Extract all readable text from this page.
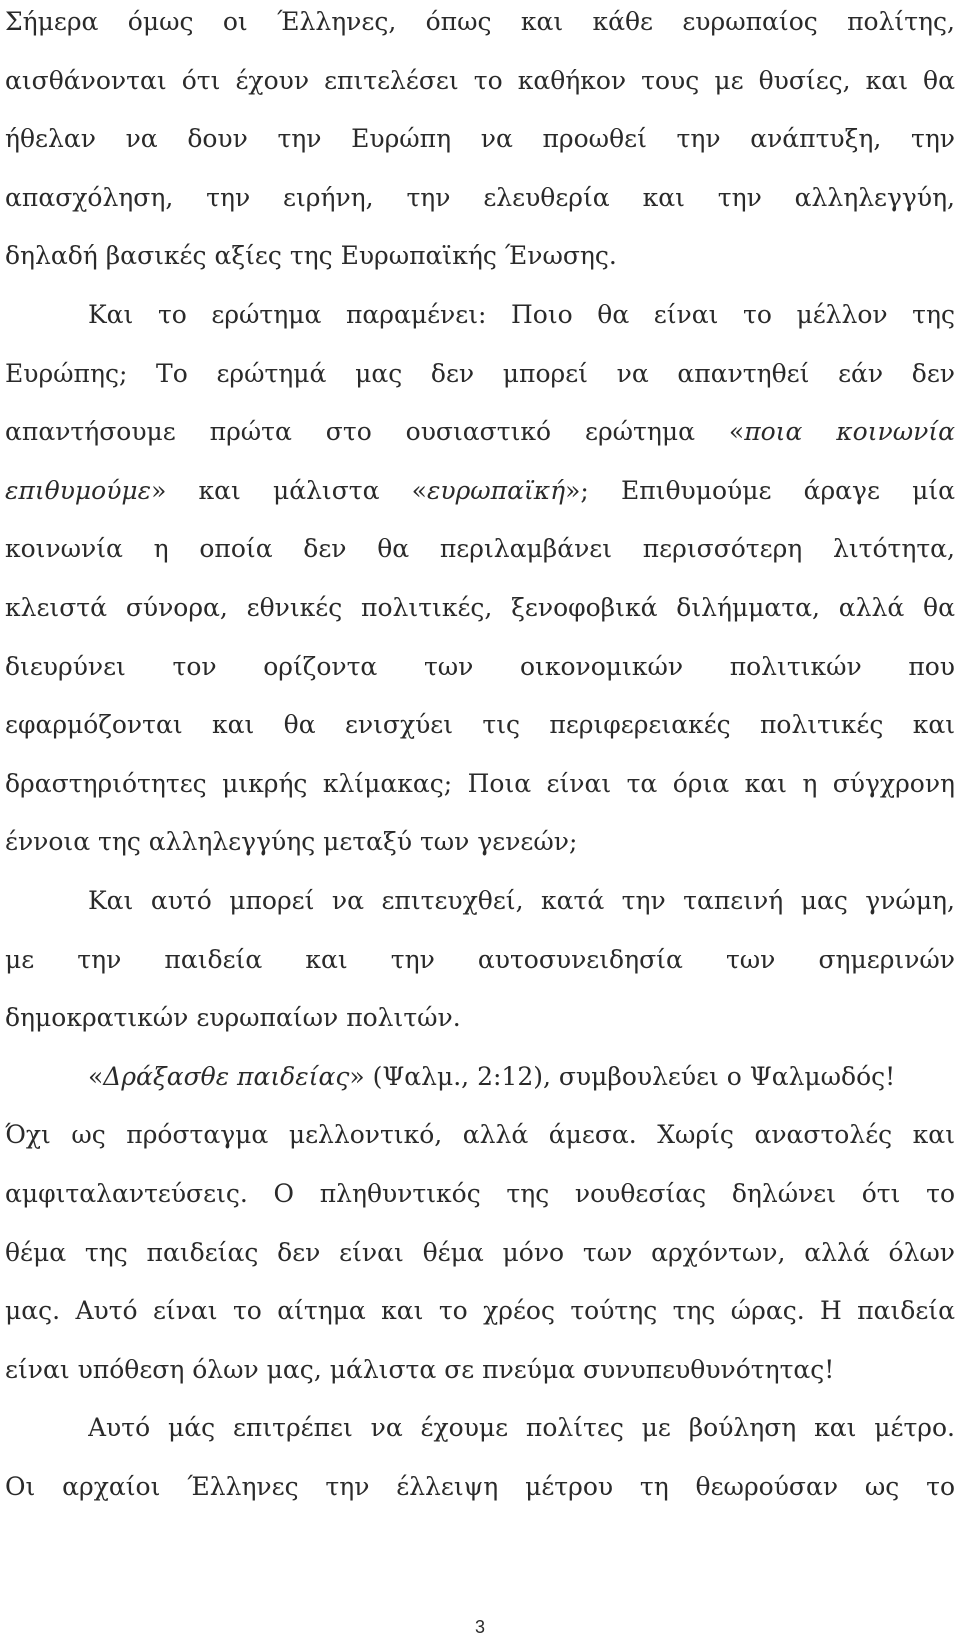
Σήμερα όμως οι Έλληνες, όπως και κάθε ευρωπαίος πολίτης,
αισθάνονται ότι έχουν επιτελέσει το καθήκον τους με θυσίες, και θα
ήθελαν να δουν την Ευρώπη να προωθεί την ανάπτυξη, την
απασχόληση, την ειρήνη, την ελευθερία και την αλληλεγγύη,
δηλαδή βασικές αξίες της Ευρωπαϊκής Ένωσης.
Και το ερώτημα παραμένει: Ποιο θα είναι το μέλλον της
Ευρώπης; Το ερώτημά μας δεν μπορεί να απαντηθεί εάν δεν
απαντήσουμε πρώτα στο ουσιαστικό ερώτημα «ποια κοινωνία
επιθυμούμε» και μάλιστα «ευρωπαϊκή»; Επιθυμούμε άραγε μία
κοινωνία η οποία δεν θα περιλαμβάνει περισσότερη λιτότητα,
κλειστά σύνορα, εθνικές πολιτικές, ξενοφοβικά διλήμματα, αλλά θα
διευρύνει τον ορίζοντα των οικονομικών πολιτικών που
εφαρμόζονται και θα ενισχύει τις περιφερειακές πολιτικές και
δραστηριότητες μικρής κλίμακας; Ποια είναι τα όρια και η σύγχρονη
έννοια της αλληλεγγύης μεταξύ των γενεών;
Και αυτό μπορεί να επιτευχθεί, κατά την ταπεινή μας γνώμη,
με την παιδεία και την αυτοσυνειδησία των σημερινών
δημοκρατικών ευρωπαίων πολιτών.
«Δράξασθε παιδείας» (Ψαλμ., 2:12), συμβουλεύει ο Ψαλμωδός!
Όχι ως πρόσταγμα μελλοντικό, αλλά άμεσα. Χωρίς αναστολές και
αμφιταλαντεύσεις. Ο πληθυντικός της νουθεσίας δηλώνει ότι το
θέμα της παιδείας δεν είναι θέμα μόνο των αρχόντων, αλλά όλων
μας. Αυτό είναι το αίτημα και το χρέος τούτης της ώρας. Η παιδεία
είναι υπόθεση όλων μας, μάλιστα σε πνεύμα συνυπευθυνότητας!
Αυτό μάς επιτρέπει να έχουμε πολίτες με βούληση και μέτρο.
Οι αρχαίοι Έλληνες την έλλειψη μέτρου τη θεωρούσαν ως το
3
